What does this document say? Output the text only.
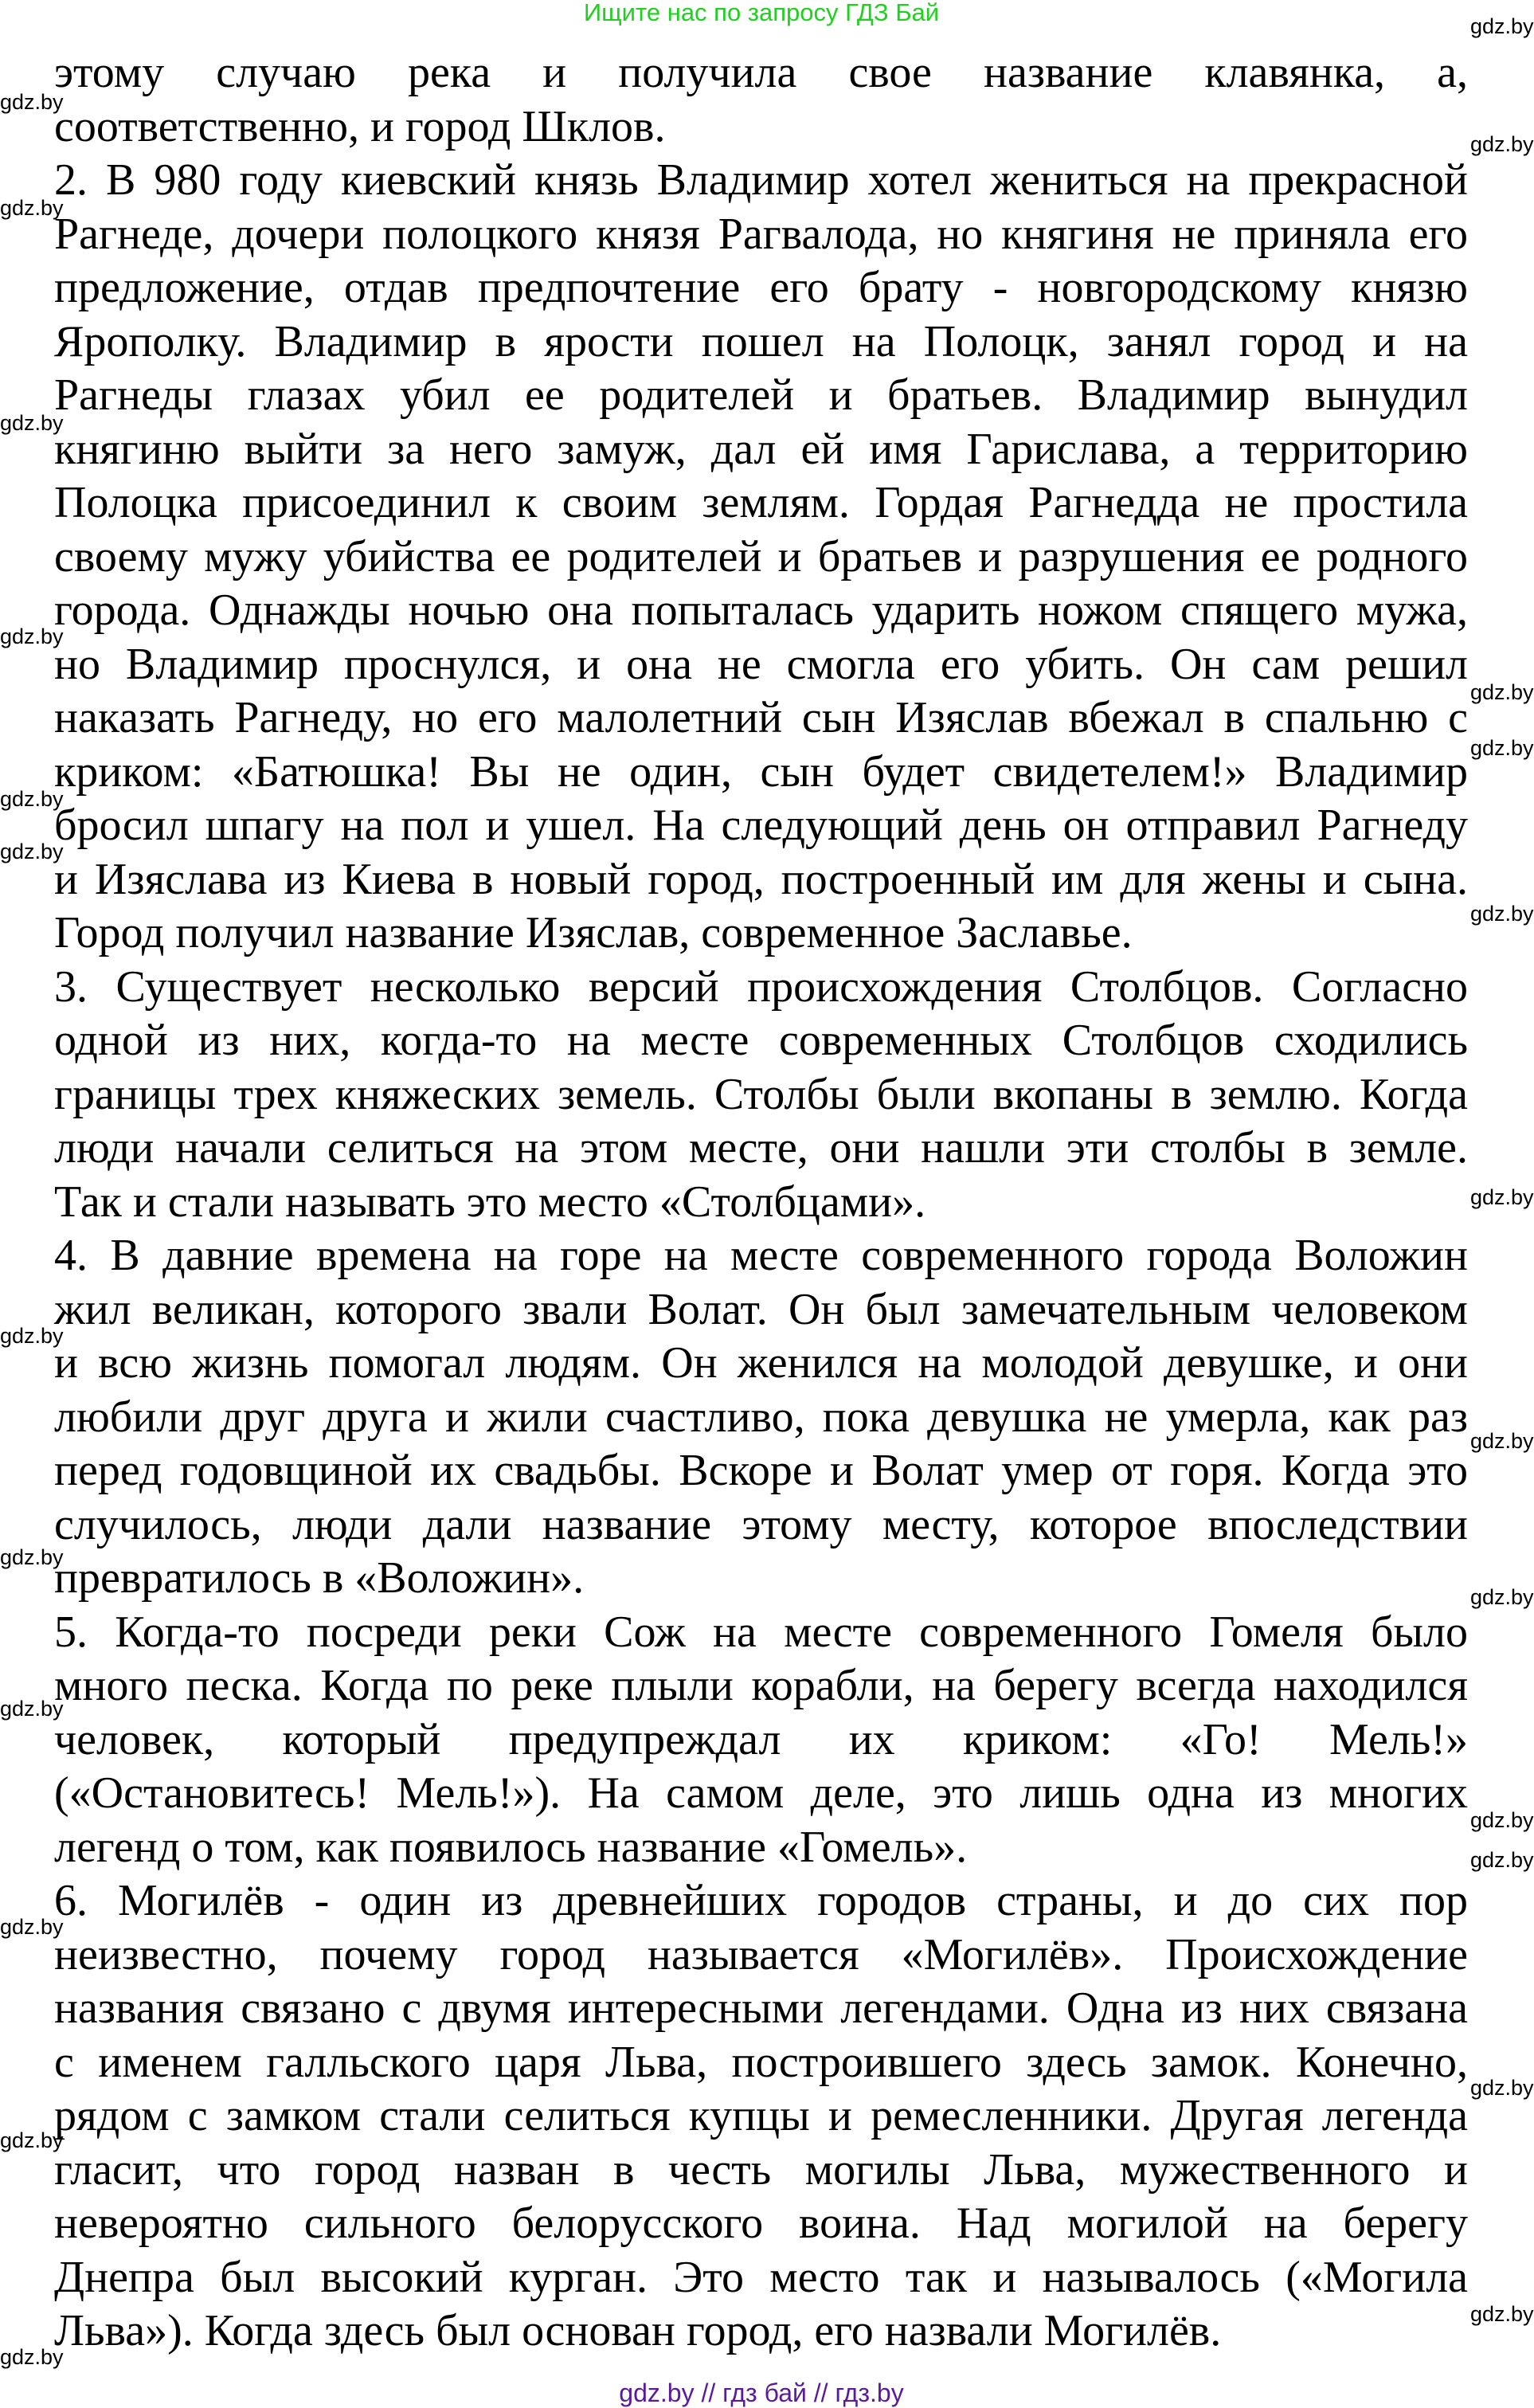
Ищите нас по запросу ГДЗ Бай
этому случаю река и получила свое название клавянка, а,
соответственно, и город Шклов.
2. В 980 году киевский князь Владимир хотел жениться на прекрасной
Рагнеде, дочери полоцкого князя Рагвалода, но княгиня не приняла его
предложение, отдав предпочтение его брату - новгородскому князю
Ярополку. Владимир в ярости пошел на Полоцк, занял город и на
Рагнеды глазах убил ее родителей и братьев. Владимир вынудил
княгиню выйти за него замуж, дал ей имя Гарислава, а территорию
Полоцка присоединил к своим землям. Гордая Рагнедда не простила
своему мужу убийства ее родителей и братьев и разрушения ее родного
города. Однажды ночью она попыталась ударить ножом спящего мужа,
но Владимир проснулся, и она не смогла его убить. Он сам решил
наказать Рагнеду, но его малолетний сын Изяслав вбежал в спальню с
криком: «Батюшка! Вы не один, сын будет свидетелем!» Владимир
бросил шпагу на пол и ушел. На следующий день он отправил Рагнеду
и Изяслава из Киева в новый город, построенный им для жены и сына.
Город получил название Изяслав, современное Заславье.
3. Существует несколько версий происхождения Столбцов. Согласно
одной из них, когда-то на месте современных Столбцов сходились
границы трех княжеских земель. Столбы были вкопаны в землю. Когда
люди начали селиться на этом месте, они нашли эти столбы в земле.
Так и стали называть это место «Столбцами».
4. В давние времена на горе на месте современного города Воложин
жил великан, которого звали Волат. Он был замечательным человеком
и всю жизнь помогал людям. Он женился на молодой девушке, и они
любили друг друга и жили счастливо, пока девушка не умерла, как раз
перед годовщиной их свадьбы. Вскоре и Волат умер от горя. Когда это
случилось, люди дали название этому месту, которое впоследствии
превратилось в «Воложин».
5. Когда-то посреди реки Сож на месте современного Гомеля было
много песка. Когда по реке плыли корабли, на берегу всегда находился
человек, который предупреждал их криком: «Го! Мель!»
(«Остановитесь! Мель!»). На самом деле, это лишь одна из многих
легенд о том, как появилось название «Гомель».
6. Могилёв - один из древнейших городов страны, и до сих пор
неизвестно, почему город называется «Могилёв». Происхождение
названия связано с двумя интересными легендами. Одна из них связана
с именем галльского царя Льва, построившего здесь замок. Конечно,
рядом с замком стали селиться купцы и ремесленники. Другая легенда
гласит, что город назван в честь могилы Льва, мужественного и
невероятно сильного белорусского воина. Над могилой на берегу
Днепра был высокий курган. Это место так и называлось («Могила
Льва»). Когда здесь был основан город, его назвали Могилёв.
gdz.by
gdz.by
gdz.by
gdz.by
gdz.by
gdz.by
gdz.by
gdz.by
gdz.by
gdz.by
gdz.by
gdz.by
gdz.by
gdz.by
gdz.by
gdz.by
gdz.by
gdz.by
gdz.by
gdz.by
gdz.by
gdz.by
gdz.by
gdz.by
gdz.by // гдз бай // гдз.by
